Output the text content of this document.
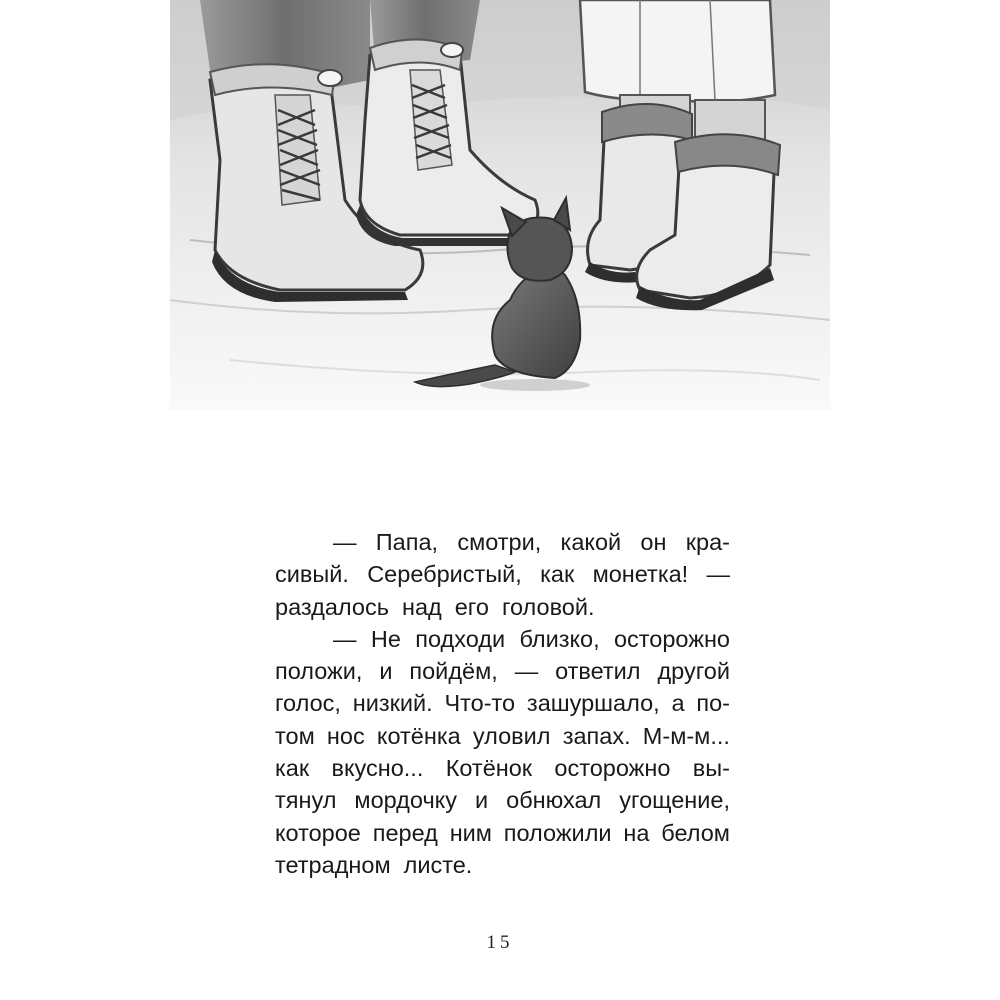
— Папа, смотри, какой он кра-
сивый. Серебристый, как монетка! —
раздалось над его головой.
— Не подходи близко, осторожно
положи, и пойдём, — ответил другой
голос, низкий. Что-то зашуршало, а по-
том нос котёнка уловил запах. М-м-м...
как вкусно... Котёнок осторожно вы-
тянул мордочку и обнюхал угощение,
которое перед ним положили на белом
тетрадном листе.
15
